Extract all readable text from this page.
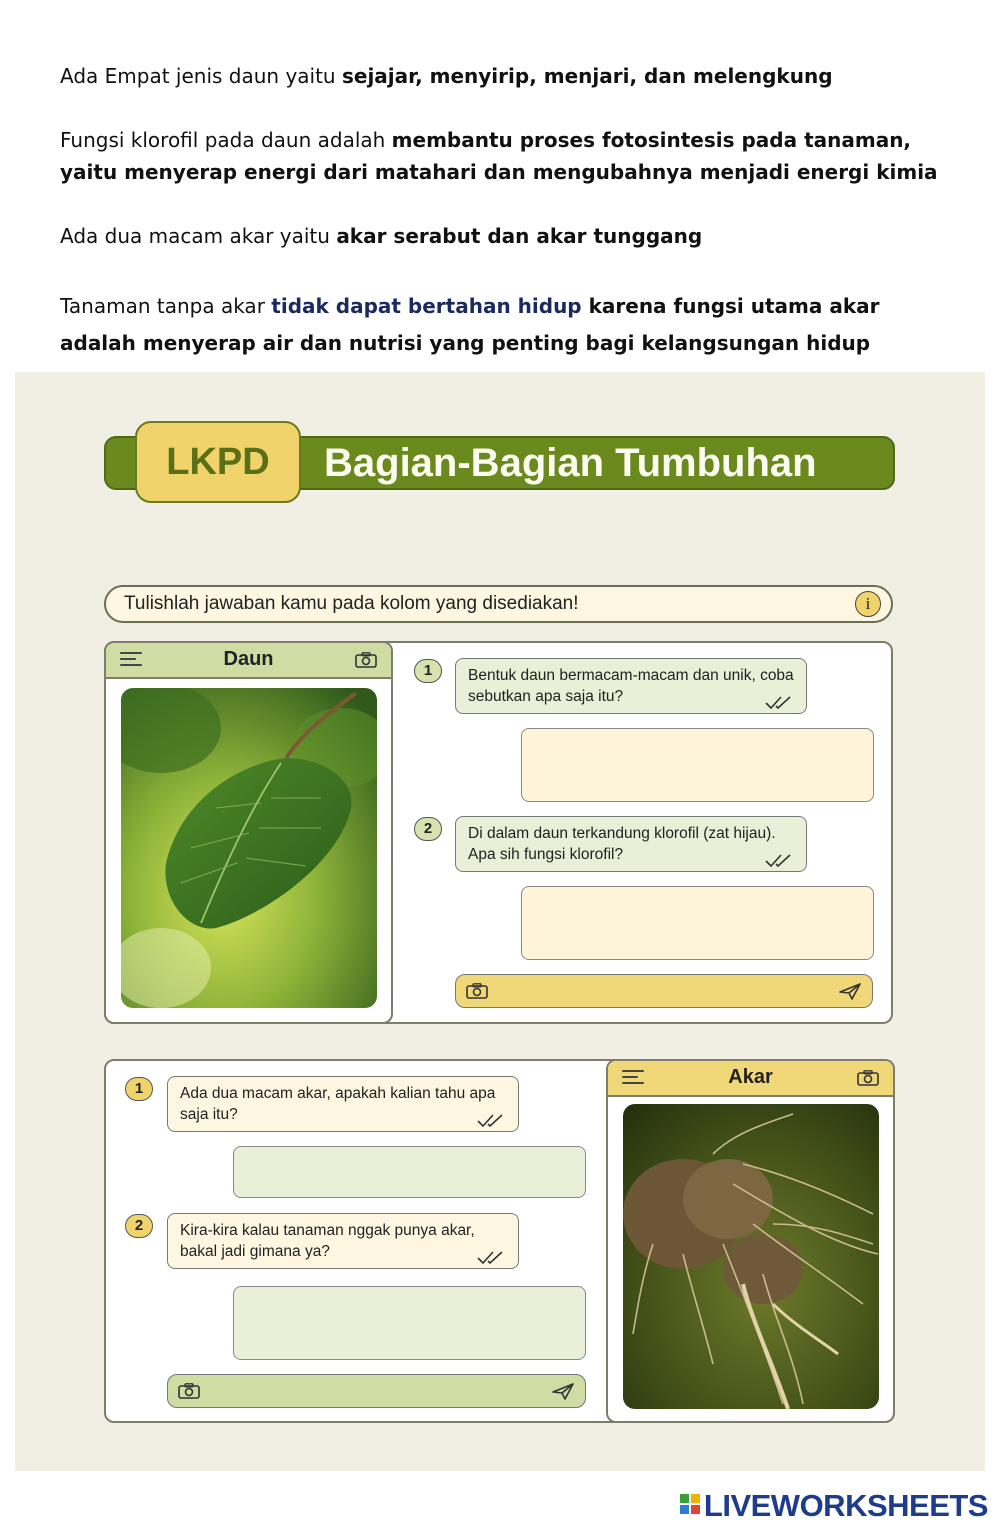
Ada Empat jenis daun yaitu sejajar, menyirip, menjari, dan melengkung
Fungsi klorofil pada daun adalah membantu proses fotosintesis pada tanaman, yaitu menyerap energi dari matahari dan mengubahnya menjadi energi kimia
Ada dua macam akar yaitu akar serabut dan akar tunggang
Tanaman tanpa akar tidak dapat bertahan hidup karena fungsi utama akar adalah menyerap air dan nutrisi yang penting bagi kelangsungan hidup
Bagian-Bagian Tumbuhan
LKPD
Tulishlah jawaban kamu pada kolom yang disediakan!	i
Daun
1	Bentuk daun bermacam-macam dan unik, coba sebutkan apa saja itu?
2	Di dalam daun terkandung klorofil (zat hijau). Apa sih fungsi klorofil?
1	Ada dua macam akar, apakah kalian tahu apa saja itu?
2	Kira-kira kalau tanaman nggak punya akar, bakal jadi gimana ya?
Akar
LIVEWORKSHEETS
